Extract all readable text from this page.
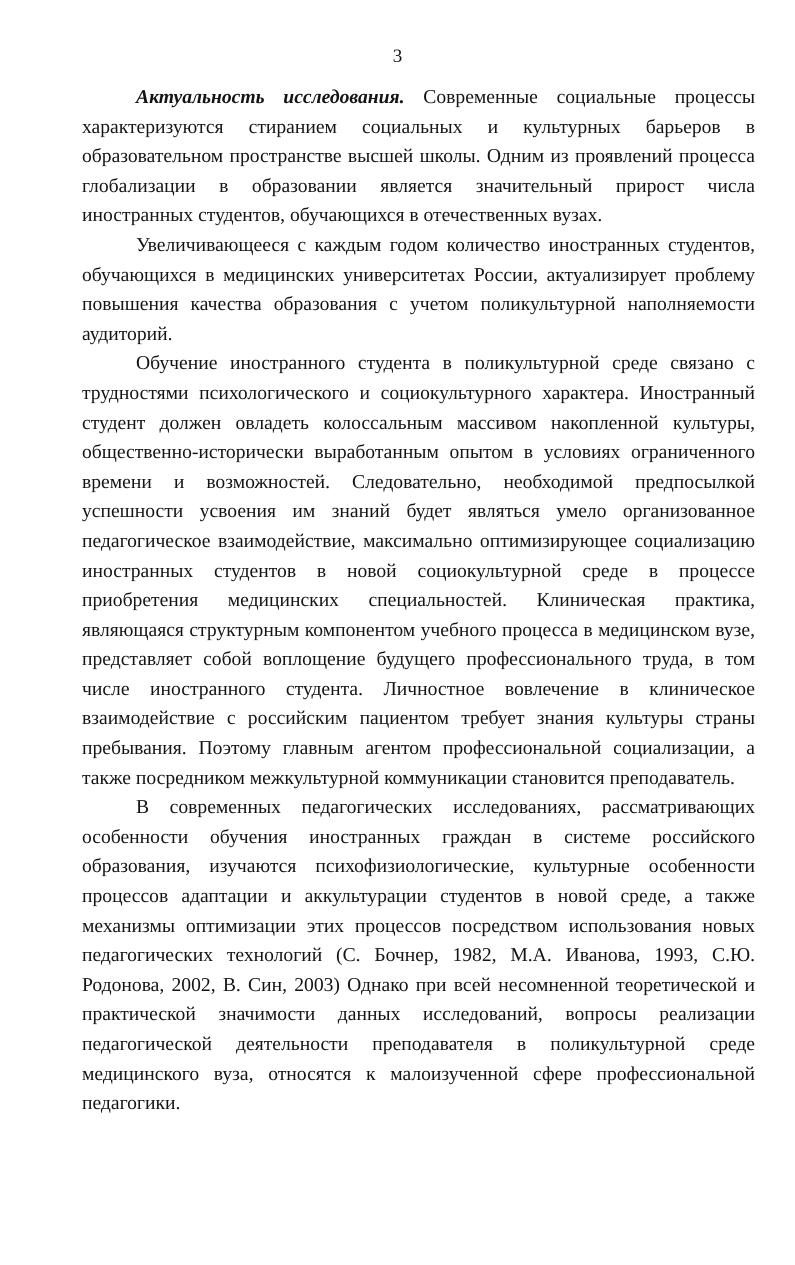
3

Актуальность исследования. Современные социальные процессы характеризуются стиранием социальных и культурных барьеров в образовательном пространстве высшей школы. Одним из проявлений процесса глобализации в образовании является значительный прирост числа иностранных студентов, обучающихся в отечественных вузах.

Увеличивающееся с каждым годом количество иностранных студентов, обучающихся в медицинских университетах России, актуализирует проблему повышения качества образования с учетом поликультурной наполняемости аудиторий.

Обучение иностранного студента в поликультурной среде связано с трудностями психологического и социокультурного характера. Иностранный студент должен овладеть колоссальным массивом накопленной культуры, общественно-исторически выработанным опытом в условиях ограниченного времени и возможностей. Следовательно, необходимой предпосылкой успешности усвоения им знаний будет являться умело организованное педагогическое взаимодействие, максимально оптимизирующее социализацию иностранных студентов в новой социокультурной среде в процессе приобретения медицинских специальностей. Клиническая практика, являющаяся структурным компонентом учебного процесса в медицинском вузе, представляет собой воплощение будущего профессионального труда, в том числе иностранного студента. Личностное вовлечение в клиническое взаимодействие с российским пациентом требует знания культуры страны пребывания. Поэтому главным агентом профессиональной социализации, а также посредником межкультурной коммуникации становится преподаватель.

В современных педагогических исследованиях, рассматривающих особенности обучения иностранных граждан в системе российского образования, изучаются психофизиологические, культурные особенности процессов адаптации и аккультурации студентов в новой среде, а также механизмы оптимизации этих процессов посредством использования новых педагогических технологий (С. Бочнер, 1982, М.А. Иванова, 1993, С.Ю. Родонова, 2002, В. Син, 2003) Однако при всей несомненной теоретической и практической значимости данных исследований, вопросы реализации педагогической деятельности преподавателя в поликультурной среде медицинского вуза, относятся к малоизученной сфере профессиональной педагогики.
